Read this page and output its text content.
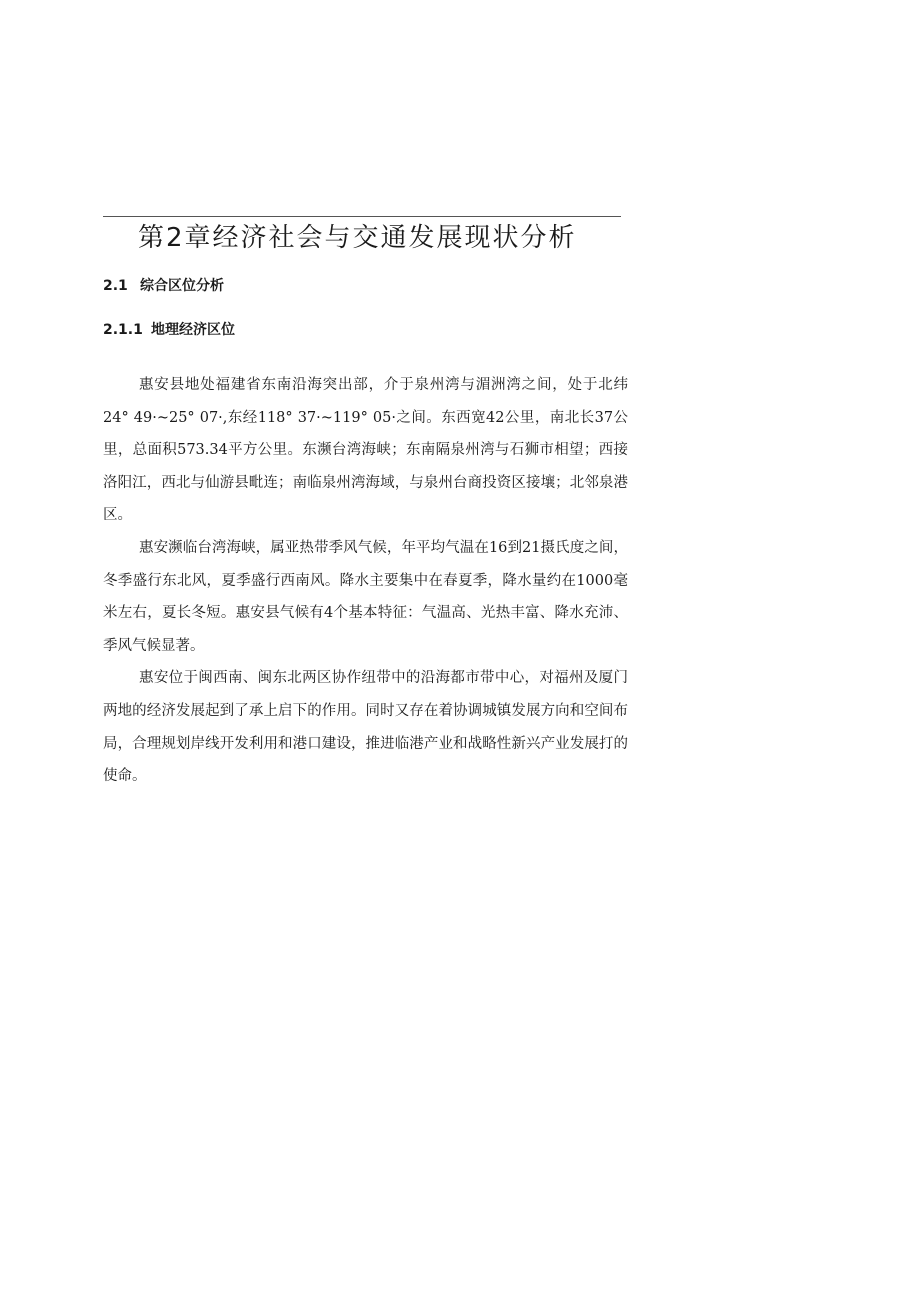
第2章经济社会与交通发展现状分析
2.1 综合区位分析
2.1.1 地理经济区位

惠安县地处福建省东南沿海突出部，介于泉州湾与湄洲湾之间，处于北纬24° 49·~25° 07·,东经118° 37·~119° 05·之间。东西宽42公里，南北长37公里，总面积573.34平方公里。东濒台湾海峡；东南隔泉州湾与石狮市相望；西接洛阳江，西北与仙游县毗连；南临泉州湾海域，与泉州台商投资区接壤；北邻泉港区。

惠安濒临台湾海峡，属亚热带季风气候，年平均气温在16到21摄氏度之间，冬季盛行东北风，夏季盛行西南风。降水主要集中在春夏季，降水量约在1000毫米左右，夏长冬短。惠安县气候有4个基本特征：气温高、光热丰富、降水充沛、季风气候显著。

惠安位于闽西南、闽东北两区协作纽带中的沿海都市带中心，对福州及厦门两地的经济发展起到了承上启下的作用。同时又存在着协调城镇发展方向和空间布局，合理规划岸线开发利用和港口建设，推进临港产业和战略性新兴产业发展打的使命。
